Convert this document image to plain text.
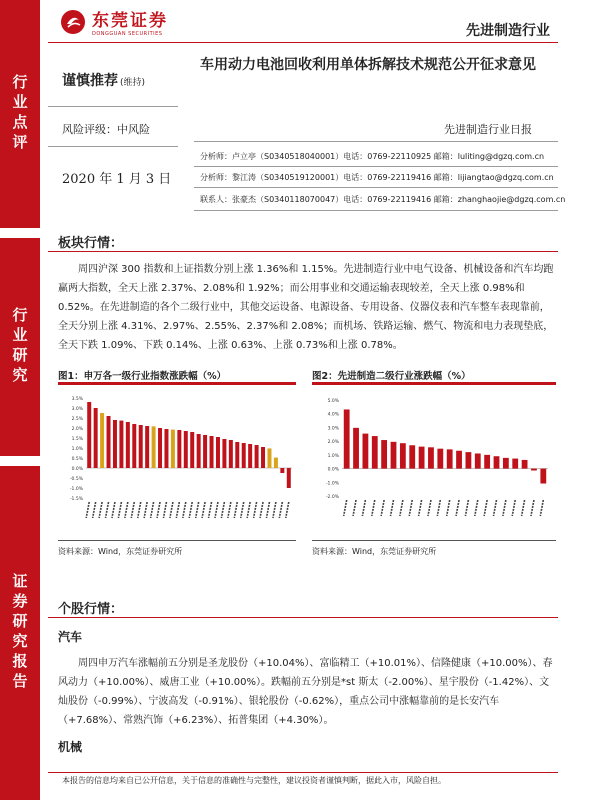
行业点评
行业研究
证券研究报告
东莞证券
DONGGUAN SECURITIES	先进制造行业
谨慎推荐 (维持)
风险评级：中风险
2020 年 1 月 3 日
车用动力电池回收利用单体拆解技术规范公开征求意见
先进制造行业日报
分析师：卢立亭（S0340518040001）电话：0769-22110925 邮箱：luliting@dgzq.com.cn
分析师：黎江涛（S0340519120001）电话：0769-22119416 邮箱：lijiangtao@dgzq.com.cn
联系人：张豪杰（S0340118070047）电话：0769-22119416 邮箱：zhanghaojie@dgzq.com.cn
板块行情：
周四沪深 300 指数和上证指数分别上涨 1.36%和 1.15%。先进制造行业中电气设备、机械设备和汽车均跑赢两大指数，全天上涨 2.37%、2.08%和 1.92%；而公用事业和交通运输表现较差，全天上涨 0.98%和 0.52%。在先进制造的各个二级行业中，其他交运设备、电源设备、专用设备、仪器仪表和汽车整车表现靠前，全天分别上涨 4.31%、2.97%、2.55%、2.37%和 2.08%；而机场、铁路运输、燃气、物流和电力表现垫底，全天下跌 1.09%、下跌 0.14%、上涨 0.63%、上涨 0.73%和上涨 0.78%。
图1：申万各一级行业指数涨跌幅（%）
-1.5%
-1.0%
-0.5%
0.0%
0.5%
1.0%
1.5%
2.0%
2.5%
3.0%
3.5%
资料来源：Wind，东莞证券研究所
图2：先进制造二级行业涨跌幅（%）
-2.0%
-1.0%
0.0%
1.0%
2.0%
3.0%
4.0%
5.0%
资料来源：Wind，东莞证券研究所
个股行情：
汽车
周四申万汽车涨幅前五分别是圣龙股份（+10.04%）、富临精工（+10.01%）、信隆健康（+10.00%）、春风动力（+10.00%）、威唐工业（+10.00%）。跌幅前五分别是*st 斯太（-2.00%）、星宇股份（-1.42%）、文灿股份（-0.99%）、宁波高发（-0.91%）、银轮股份（-0.62%），重点公司中涨幅靠前的是长安汽车（+7.68%）、常熟汽饰（+6.23%）、拓普集团（+4.30%）。
机械
本报告的信息均来自已公开信息，关于信息的准确性与完整性，建议投资者谨慎判断，据此入市，风险自担。
